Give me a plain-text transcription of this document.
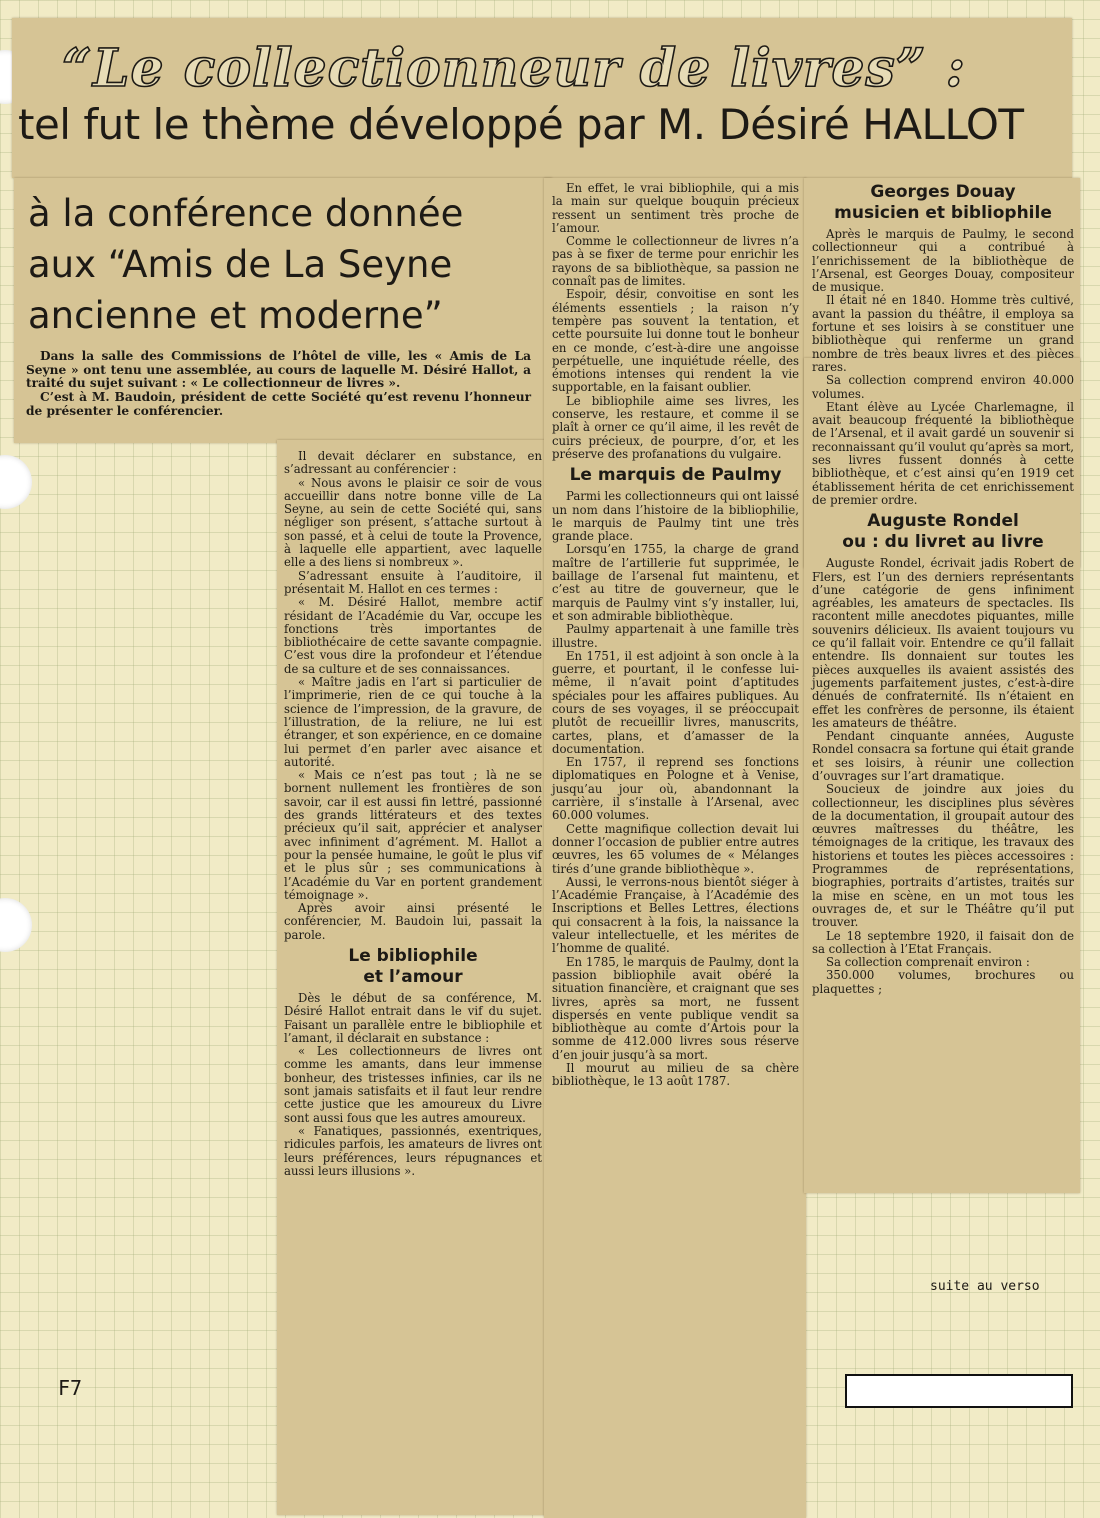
“Le collectionneur de livres” :
tel fut le thème développé par M. Désiré HALLOT
à la conférence donnée
aux “Amis de La Seyne
ancienne et moderne”

Dans la salle des Commissions de l’hôtel de ville, les « Amis de La Seyne » ont tenu une assemblée, au cours de laquelle M. Désiré Hallot, a traité du sujet suivant : « Le collectionneur de livres ».

C’est à M. Baudoin, président de cette Société qu’est revenu l’honneur de présenter le conférencier.

Il devait déclarer en substance, en s’adressant au conférencier :

« Nous avons le plaisir ce soir de vous accueillir dans notre bonne ville de La Seyne, au sein de cette Société qui, sans négliger son présent, s’attache surtout à son passé, et à celui de toute la Provence, à laquelle elle appartient, avec laquelle elle a des liens si nombreux ».

S’adressant ensuite à l’auditoire, il présentait M. Hallot en ces termes :

« M. Désiré Hallot, membre actif résidant de l’Académie du Var, occupe les fonctions très importantes de bibliothécaire de cette savante compagnie. C’est vous dire la profondeur et l’étendue de sa culture et de ses connaissances.

« Maître jadis en l’art si particulier de l’imprimerie, rien de ce qui touche à la science de l’impression, de la gravure, de l’illustration, de la reliure, ne lui est étranger, et son expérience, en ce domaine lui permet d’en parler avec aisance et autorité.

« Mais ce n’est pas tout ; là ne se bornent nullement les frontières de son savoir, car il est aussi fin lettré, passionné des grands littérateurs et des textes précieux qu’il sait, apprécier et analyser avec infiniment d’agrément. M. Hallot a pour la pensée humaine, le goût le plus vif et le plus sûr ; ses communications à l’Académie du Var en portent grandement témoignage ».

Après avoir ainsi présenté le conférencier, M. Baudoin lui, passait la parole.

Le bibliophile
et l’amour

Dès le début de sa conférence, M. Désiré Hallot entrait dans le vif du sujet. Faisant un parallèle entre le bibliophile et l’amant, il déclarait en substance :

« Les collectionneurs de livres ont comme les amants, dans leur immense bonheur, des tristesses infinies, car ils ne sont jamais satisfaits et il faut leur rendre cette justice que les amoureux du Livre sont aussi fous que les autres amoureux.

« Fanatiques, passionnés, exentriques, ridicules parfois, les amateurs de livres ont leurs préférences, leurs répugnances et aussi leurs illusions ».

En effet, le vrai bibliophile, qui a mis la main sur quelque bouquin précieux ressent un sentiment très proche de l’amour.

Comme le collectionneur de livres n’a pas à se fixer de terme pour enrichir les rayons de sa bibliothèque, sa passion ne connaît pas de limites.

Espoir, désir, convoitise en sont les éléments essentiels ; la raison n’y tempère pas souvent la tentation, et cette poursuite lui donne tout le bonheur en ce monde, c’est-à-dire une angoisse perpétuelle, une inquiétude réelle, des émotions intenses qui rendent la vie supportable, en la faisant oublier.

Le bibliophile aime ses livres, les conserve, les restaure, et comme il se plaît à orner ce qu’il aime, il les revêt de cuirs précieux, de pourpre, d’or, et les préserve des profanations du vulgaire.

Le marquis de Paulmy

Parmi les collectionneurs qui ont laissé un nom dans l’histoire de la bibliophilie, le marquis de Paulmy tint une très grande place.

Lorsqu’en 1755, la charge de grand maître de l’artillerie fut supprimée, le baillage de l’arsenal fut maintenu, et c’est au titre de gouverneur, que le marquis de Paulmy vint s’y installer, lui, et son admirable bibliothèque.

Paulmy appartenait à une famille très illustre.

En 1751, il est adjoint à son oncle à la guerre, et pourtant, il le confesse lui-même, il n’avait point d’aptitudes spéciales pour les affaires publiques. Au cours de ses voyages, il se préoccupait plutôt de recueillir livres, manuscrits, cartes, plans, et d’amasser de la documentation.

En 1757, il reprend ses fonctions diplomatiques en Pologne et à Venise, jusqu’au jour où, abandonnant la carrière, il s’installe à l’Arsenal, avec 60.000 volumes.

Cette magnifique collection devait lui donner l’occasion de publier entre autres œuvres, les 65 volumes de « Mélanges tirés d’une grande bibliothèque ».

Aussi, le verrons-nous bientôt siéger à l’Académie Française, à l’Académie des Inscriptions et Belles Lettres, élections qui consacrent à la fois, la naissance la valeur intellectuelle, et les mérites de l’homme de qualité.

En 1785, le marquis de Paulmy, dont la passion bibliophile avait obéré la situation financière, et craignant que ses livres, après sa mort, ne fussent dispersés en vente publique vendit sa bibliothèque au comte d’Artois pour la somme de 412.000 livres sous réserve d’en jouir jusqu’à sa mort.

Il mourut au milieu de sa chère bibliothèque, le 13 août 1787.

Georges Douay
musicien et bibliophile

Après le marquis de Paulmy, le second collectionneur qui a contribué à l’enrichissement de la bibliothèque de l’Arsenal, est Georges Douay, compositeur de musique.

Il était né en 1840. Homme très cultivé, avant la passion du théâtre, il employa sa fortune et ses loisirs à se constituer une bibliothèque qui renferme un grand nombre de très beaux livres et des pièces rares.

Sa collection comprend environ 40.000 volumes.

Etant élève au Lycée Charlemagne, il avait beaucoup fréquenté la bibliothèque de l’Arsenal, et il avait gardé un souvenir si reconnaissant qu’il voulut qu’après sa mort, ses livres fussent donnés à cette bibliothèque, et c’est ainsi qu’en 1919 cet établissement hérita de cet enrichissement de premier ordre.

Auguste Rondel
ou : du livret au livre

Auguste Rondel, écrivait jadis Robert de Flers, est l’un des derniers représentants d’une catégorie de gens infiniment agréables, les amateurs de spectacles. Ils racontent mille anecdotes piquantes, mille souvenirs délicieux. Ils avaient toujours vu ce qu’il fallait voir. Entendre ce qu’il fallait entendre. Ils donnaient sur toutes les pièces auxquelles ils avaient assistés des jugements parfaitement justes, c’est-à-dire dénués de confraternité. Ils n’étaient en effet les confrères de personne, ils étaient les amateurs de théâtre.

Pendant cinquante années, Auguste Rondel consacra sa fortune qui était grande et ses loisirs, à réunir une collection d’ouvrages sur l’art dramatique.

Soucieux de joindre aux joies du collectionneur, les disciplines plus sévères de la documentation, il groupait autour des œuvres maîtresses du théâtre, les témoignages de la critique, les travaux des historiens et toutes les pièces accessoires : Programmes de représentations, biographies, portraits d’artistes, traités sur la mise en scène, en un mot tous les ouvrages de, et sur le Théâtre qu’il put trouver.

Le 18 septembre 1920, il faisait don de sa collection à l’Etat Français.

Sa collection comprenait environ :

350.000 volumes, brochures ou plaquettes ;

suite au verso
F7
